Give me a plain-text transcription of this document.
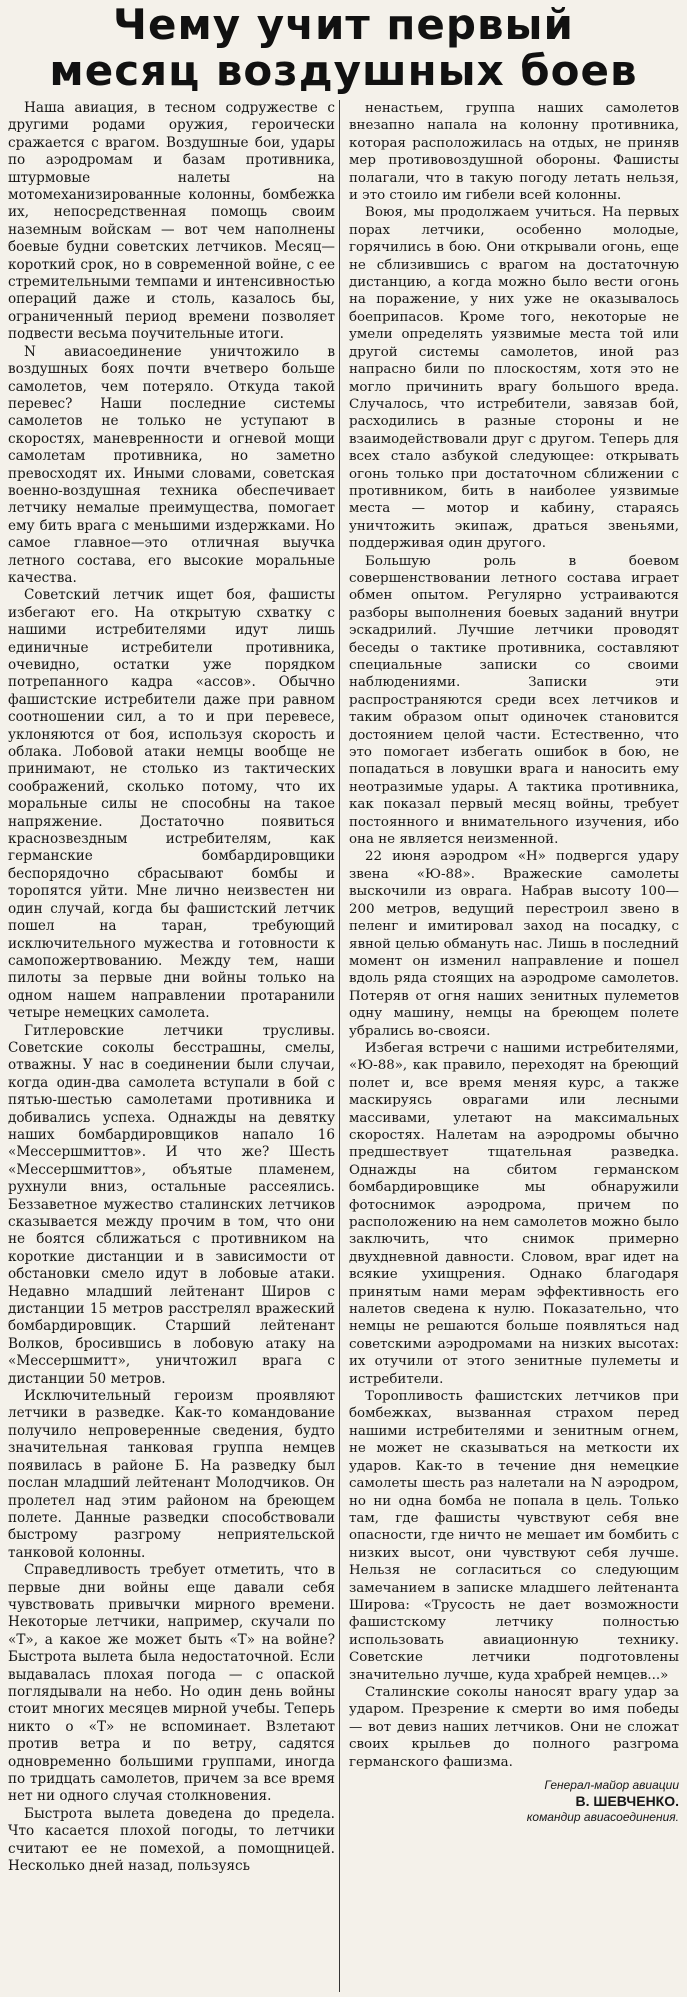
Чему учит первый
месяц воздушных боев

Наша авиация, в тесном содружестве с другими родами оружия, героически сражается с врагом. Воздушные бои, удары по аэродромам и базам противника, штурмовые налеты на мотомеханизированные колонны, бомбежка их, непосредственная помощь своим наземным войскам — вот чем наполнены боевые будни советских летчиков. Месяц—короткий срок, но в современной войне, с ее стремительными темпами и интенсивностью операций даже и столь, казалось бы, ограниченный период времени позволяет подвести весьма поучительные итоги.

N авиасоединение уничтожило в воздушных боях почти вчетверо больше самолетов, чем потеряло. Откуда такой перевес? Наши последние системы самолетов не только не уступают в скоростях, маневренности и огневой мощи самолетам противника, но заметно превосходят их. Иными словами, советская военно-воздушная техника обеспечивает летчику немалые преимущества, помогает ему бить врага с меньшими издержками. Но самое главное—это отличная выучка летного состава, его высокие моральные качества.

Советский летчик ищет боя, фашисты избегают его. На открытую схватку с нашими истребителями идут лишь единичные истребители противника, очевидно, остатки уже порядком потрепанного кадра «ассов». Обычно фашистские истребители даже при равном соотношении сил, а то и при перевесе, уклоняются от боя, используя скорость и облака. Лобовой атаки немцы вообще не принимают, не столько из тактических соображений, сколько потому, что их моральные силы не способны на такое напряжение. Достаточно появиться краснозвездным истребителям, как германские бомбардировщики беспорядочно сбрасывают бомбы и торопятся уйти. Мне лично неизвестен ни один случай, когда бы фашистский летчик пошел на таран, требующий исключительного мужества и готовности к самопожертвованию. Между тем, наши пилоты за первые дни войны только на одном нашем направлении протаранили четыре немецких самолета.

Гитлеровские летчики трусливы. Советские соколы бесстрашны, смелы, отважны. У нас в соединении были случаи, когда один-два самолета вступали в бой с пятью-шестью самолетами противника и добивались успеха. Однажды на девятку наших бомбардировщиков напало 16 «Мессершмиттов». И что же? Шесть «Мессершмиттов», объятые пламенем, рухнули вниз, остальные рассеялись. Беззаветное мужество сталинских летчиков сказывается между прочим в том, что они не боятся сближаться с противником на короткие дистанции и в зависимости от обстановки смело идут в лобовые атаки. Недавно младший лейтенант Широв с дистанции 15 метров расстрелял вражеский бомбардировщик. Старший лейтенант Волков, бросившись в лобовую атаку на «Мессершмитт», уничтожил врага с дистанции 50 метров.

Исключительный героизм проявляют летчики в разведке. Как-то командование получило непроверенные сведения, будто значительная танковая группа немцев появилась в районе Б. На разведку был послан младший лейтенант Молодчиков. Он пролетел над этим районом на бреющем полете. Данные разведки способствовали быстрому разгрому неприятельской танковой колонны.

Справедливость требует отметить, что в первые дни войны еще давали себя чувствовать привычки мирного времени. Некоторые летчики, например, скучали по «Т», а какое же может быть «Т» на войне? Быстрота вылета была недостаточной. Если выдавалась плохая погода — с опаской поглядывали на небо. Но один день войны стоит многих месяцев мирной учебы. Теперь никто о «Т» не вспоминает. Взлетают против ветра и по ветру, садятся одновременно большими группами, иногда по тридцать самолетов, причем за все время нет ни одного случая столкновения.

Быстрота вылета доведена до предела. Что касается плохой погоды, то летчики считают ее не помехой, а помощницей. Несколько дней назад, пользуясь

ненастьем, группа наших самолетов внезапно напала на колонну противника, которая расположилась на отдых, не приняв мер противовоздушной обороны. Фашисты полагали, что в такую погоду летать нельзя, и это стоило им гибели всей колонны.

Воюя, мы продолжаем учиться. На первых порах летчики, особенно молодые, горячились в бою. Они открывали огонь, еще не сблизившись с врагом на достаточную дистанцию, а когда можно было вести огонь на поражение, у них уже не оказывалось боеприпасов. Кроме того, некоторые не умели определять уязвимые места той или другой системы самолетов, иной раз напрасно били по плоскостям, хотя это не могло причинить врагу большого вреда. Случалось, что истребители, завязав бой, расходились в разные стороны и не взаимодействовали друг с другом. Теперь для всех стало азбукой следующее: открывать огонь только при достаточном сближении с противником, бить в наиболее уязвимые места — мотор и кабину, стараясь уничтожить экипаж, драться звеньями, поддерживая один другого.

Большую роль в боевом совершенствовании летного состава играет обмен опытом. Регулярно устраиваются разборы выполнения боевых заданий внутри эскадрилий. Лучшие летчики проводят беседы о тактике противника, составляют специальные записки со своими наблюдениями. Записки эти распространяются среди всех летчиков и таким образом опыт одиночек становится достоянием целой части. Естественно, что это помогает избегать ошибок в бою, не попадаться в ловушки врага и наносить ему неотразимые удары. А тактика противника, как показал первый месяц войны, требует постоянного и внимательного изучения, ибо она не является неизменной.

22 июня аэродром «Н» подвергся удару звена «Ю-88». Вражеские самолеты выскочили из оврага. Набрав высоту 100—200 метров, ведущий перестроил звено в пеленг и имитировал заход на посадку, с явной целью обмануть нас. Лишь в последний момент он изменил направление и пошел вдоль ряда стоящих на аэродроме самолетов. Потеряв от огня наших зенитных пулеметов одну машину, немцы на бреющем полете убрались во-свояси.

Избегая встречи с нашими истребителями, «Ю-88», как правило, переходят на бреющий полет и, все время меняя курс, а также маскируясь оврагами или лесными массивами, улетают на максимальных скоростях. Налетам на аэродромы обычно предшествует тщательная разведка. Однажды на сбитом германском бомбардировщике мы обнаружили фотоснимок аэродрома, причем по расположению на нем самолетов можно было заключить, что снимок примерно двухдневной давности. Словом, враг идет на всякие ухищрения. Однако благодаря принятым нами мерам эффективность его налетов сведена к нулю. Показательно, что немцы не решаются больше появляться над советскими аэродромами на низких высотах: их отучили от этого зенитные пулеметы и истребители.

Торопливость фашистских летчиков при бомбежках, вызванная страхом перед нашими истребителями и зенитным огнем, не может не сказываться на меткости их ударов. Как-то в течение дня немецкие самолеты шесть раз налетали на N аэродром, но ни одна бомба не попала в цель. Только там, где фашисты чувствуют себя вне опасности, где ничто не мешает им бомбить с низких высот, они чувствуют себя лучше. Нельзя не согласиться со следующим замечанием в записке младшего лейтенанта Широва: «Трусость не дает возможности фашистскому летчику полностью использовать авиационную технику. Советские летчики подготовлены значительно лучше, куда храбрей немцев...»

Сталинские соколы наносят врагу удар за ударом. Презрение к смерти во имя победы — вот девиз наших летчиков. Они не сложат своих крыльев до полного разгрома германского фашизма.

Генерал-майор авиации
В. ШЕВЧЕНКО.
командир авиасоединения.
